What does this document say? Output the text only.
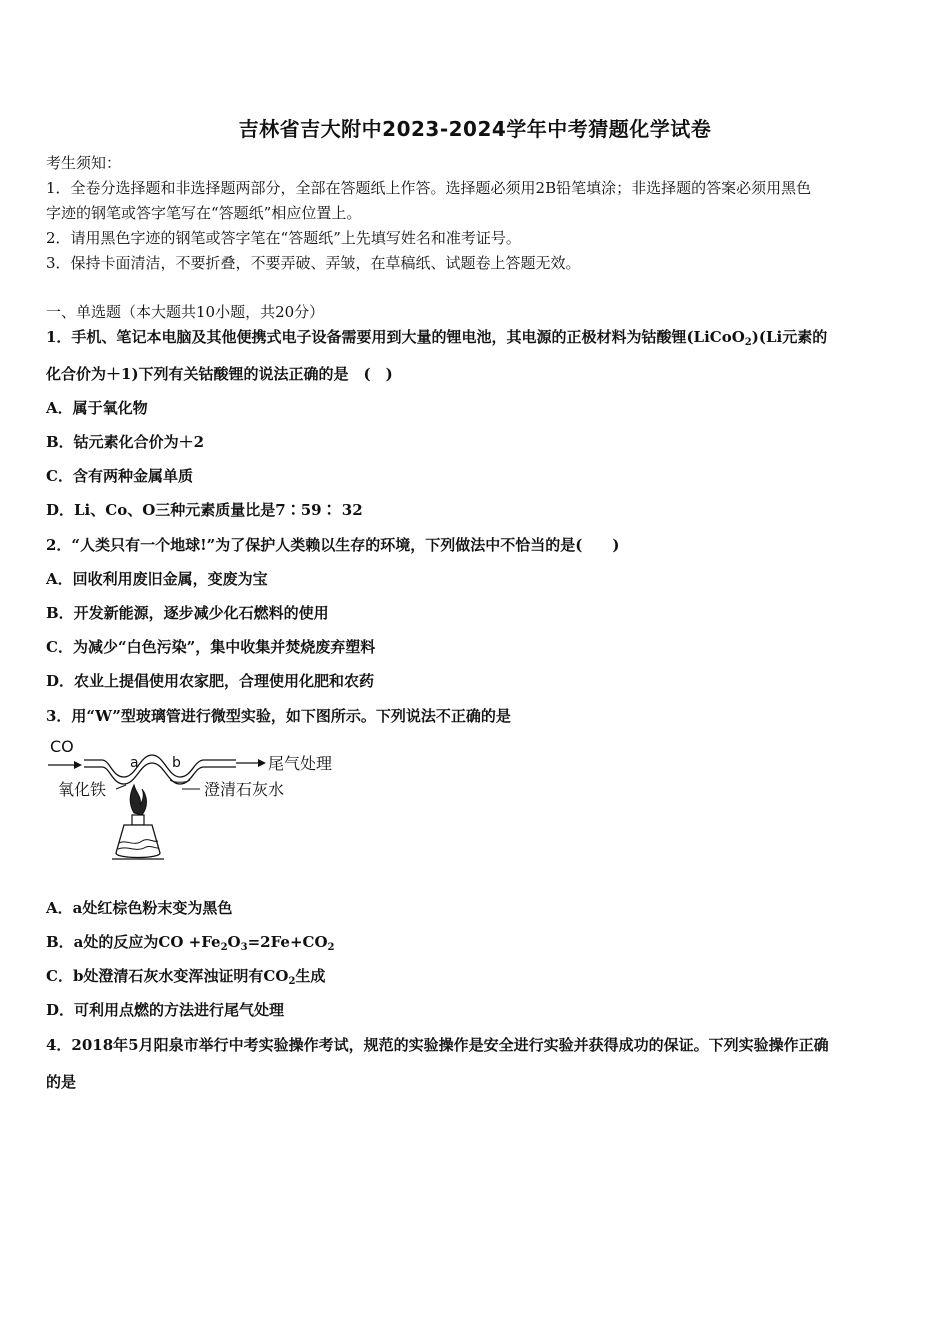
吉林省吉大附中2023-2024学年中考猜题化学试卷
考生须知：
1．全卷分选择题和非选择题两部分，全部在答题纸上作答。选择题必须用2B铅笔填涂；非选择题的答案必须用黑色
字迹的钢笔或答字笔写在“答题纸”相应位置上。
2．请用黑色字迹的钢笔或答字笔在“答题纸”上先填写姓名和准考证号。
3．保持卡面清洁，不要折叠，不要弄破、弄皱，在草稿纸、试题卷上答题无效。
一、单选题（本大题共10小题，共20分）
1．手机、笔记本电脑及其他便携式电子设备需要用到大量的锂电池，其电源的正极材料为钴酸锂(LiCoO$_2$)(Li元素的
化合价为＋1)下列有关钴酸锂的说法正确的是　(　)
A．属于氧化物
B．钴元素化合价为＋2
C．含有两种金属单质
D．Li、Co、O三种元素质量比是7∶59∶ 32
2．“人类只有一个地球!”为了保护人类赖以生存的环境，下列做法中不恰当的是(　　)
A．回收利用废旧金属，变废为宝
B．开发新能源，逐步减少化石燃料的使用
C．为减少“白色污染”，集中收集并焚烧废弃塑料
D．农业上提倡使用农家肥，合理使用化肥和农药
3．用“W”型玻璃管进行微型实验，如下图所示。下列说法不正确的是
CO
a b	尾气处理
氧化铁	澄清石灰水
A．a处红棕色粉末变为黑色
B．a处的反应为CO $+Fe_2O_3=2Fe+CO_2$
C．b处澄清石灰水变浑浊证明有$CO_2$生成
D．可利用点燃的方法进行尾气处理
4．2018年5月阳泉市举行中考实验操作考试，规范的实验操作是安全进行实验并获得成功的保证。下列实验操作正确
的是
